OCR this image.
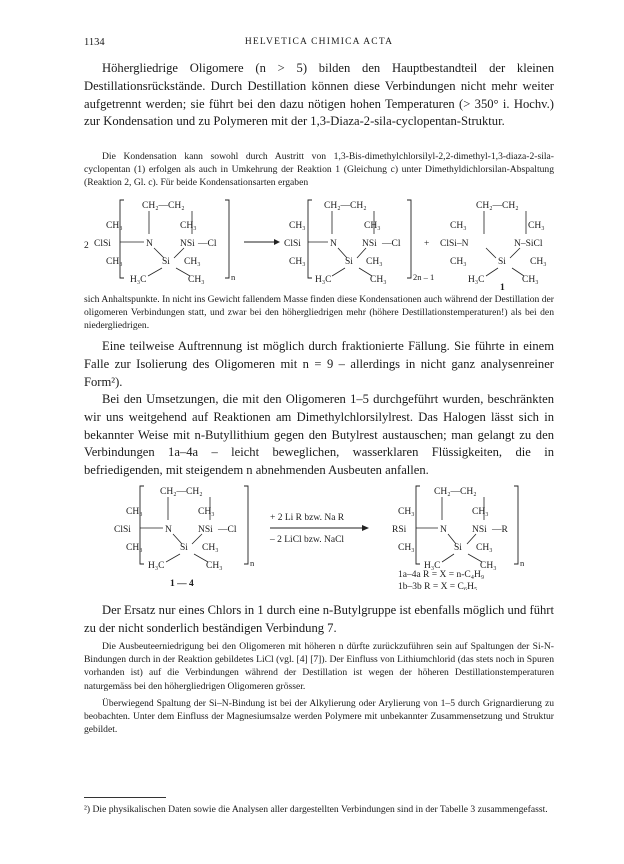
1134	HELVETICA CHIMICA ACTA

Höhergliedrige Oligomere (n > 5) bilden den Hauptbestandteil der kleinen Destillationsrückstände. Durch Destillation können diese Verbindungen nicht mehr weiter aufgetrennt werden; sie führt bei den dazu nötigen hohen Temperaturen (> 350° i. Hochv.) zur Kondensation und zu Polymeren mit der 1,3-Diaza-2-sila-cyclopentan-Struktur.

Die Kondensation kann sowohl durch Austritt von 1,3-Bis-dimethylchlorsilyl-2,2-dimethyl-1,3-diaza-2-sila-cyclopentan (1) erfolgen als auch in Umkehrung der Reaktion 1 (Gleichung c) unter Dimethyldichlorsilan-Abspaltung (Reaktion 2, Gl. c). Für beide Kondensationsarten ergaben

2
CH₂—CH₂
CH₃	CH₃
ClSi	N	NSi —Cl
Si CH₃
CH₃
H₃C	CH₃	n
CH₂—CH₂
CH₃	CH₃
ClSi	N	NSi —Cl
Si CH₃
CH₃
H₃C	CH₃	2n – 1
+
CH₂—CH₂
CH₃	CH₃
ClSi–N	N–SiCl
Si
CH₃	CH₃
H₃C	CH₃
1

sich Anhaltspunkte. In nicht ins Gewicht fallendem Masse finden diese Kondensationen auch während der Destillation der oligomeren Verbindungen statt, und zwar bei den höhergliedrigen mehr (höhere Destillationstemperaturen!) als bei den niedergliedrigen.

Eine teilweise Auftrennung ist möglich durch fraktionierte Fällung. Sie führte in einem Falle zur Isolierung des Oligomeren mit n = 9 – allerdings in nicht ganz analysenreiner Form²).

Bei den Umsetzungen, die mit den Oligomeren 1–5 durchgeführt wurden, beschränkten wir uns weitgehend auf Reaktionen am Dimethylchlorsilylrest. Das Halogen lässt sich in bekannter Weise mit n-Butyllithium gegen den Butylrest austauschen; man gelangt zu den Verbindungen 1a–4a – leicht beweglichen, wasserklaren Flüssigkeiten, die in befriedigenden, mit steigendem n abnehmenden Ausbeuten anfallen.

CH₂—CH₂
CH₃	CH₃
ClSi	N	NSi —Cl
Si CH₃
CH₃
H₃C	CH₃	n
1 — 4
+ 2 Li R bzw. Na R
– 2 LiCl bzw. NaCl
CH₂—CH₂
CH₃	CH₃
RSi	N	NSi —R
Si CH₃
CH₃
H₃C	CH₃	n
1a–4a R = X = n-C₄H₉
1b–3b R = X = C₆H₅

Der Ersatz nur eines Chlors in 1 durch eine n-Butylgruppe ist ebenfalls möglich und führt zu der nicht sonderlich beständigen Verbindung 7.

Die Ausbeuteerniedrigung bei den Oligomeren mit höheren n dürfte zurückzuführen sein auf Spaltungen der Si-N-Bindungen durch in der Reaktion gebildetes LiCl (vgl. [4] [7]). Der Einfluss von Lithiumchlorid (das stets noch in Spuren vorhanden ist) auf die Verbindungen während der Destillation ist wegen der höheren Destillationstemperaturen naturgemäss bei den höhergliedrigen Oligomeren grösser.

Überwiegend Spaltung der Si–N-Bindung ist bei der Alkylierung oder Arylierung von 1–5 durch Grignardierung zu beobachten. Unter dem Einfluss der Magnesiumsalze werden Polymere mit unbekannter Zusammensetzung und Struktur gebildet.

²) Die physikalischen Daten sowie die Analysen aller dargestellten Verbindungen sind in der Tabelle 3 zusammengefasst.
